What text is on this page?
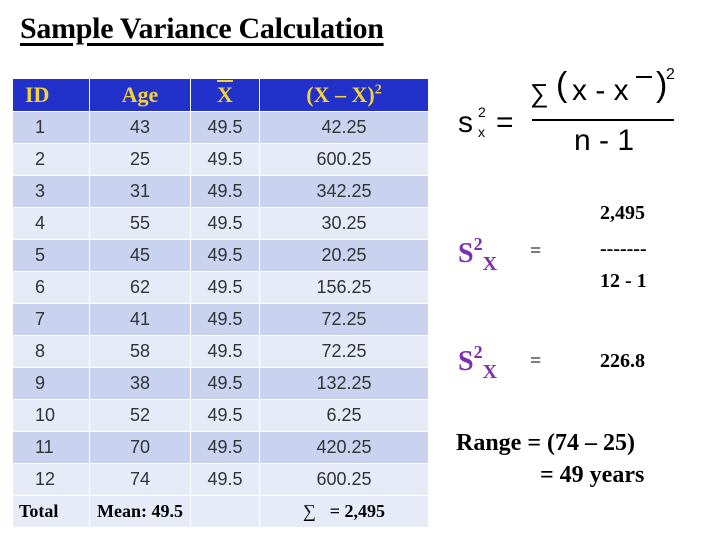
Sample Variance Calculation
ID	Age	$\overline{X}$	(X – X)$^2$
1	43	49.5	42.25
2	25	49.5	600.25
3	31	49.5	342.25
4	55	49.5	30.25
5	45	49.5	20.25
6	62	49.5	156.25
7	41	49.5	72.25
8	58	49.5	72.25
9	38	49.5	132.25
10	52	49.5	6.25
11	70	49.5	420.25
12	74	49.5	600.25
Total	Mean: 49.5		∑ = 2,495
s 2
x =
∑ ( x - x )
2
n - 1
$S^2_X$
=
2,495
-------
12 - 1
$S^2_X$ =	226.8
Range = (74 – 25)
= 49 years
